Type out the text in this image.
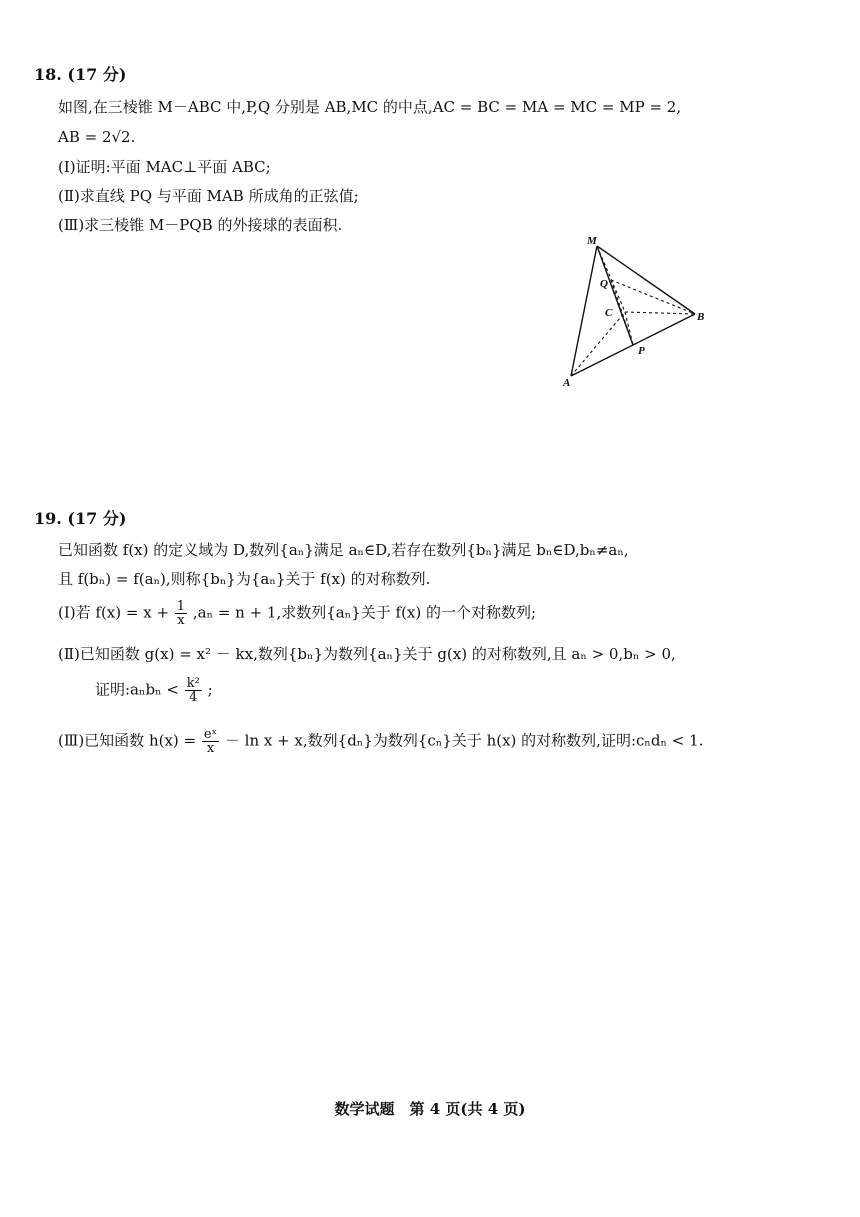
18. (17 分)
如图,在三棱锥 M－ABC 中,P,Q 分别是 AB,MC 的中点,AC = BC = MA = MC = MP = 2,
AB = 2√2.
(Ⅰ)证明:平面 MAC⊥平面 ABC;
(Ⅱ)求直线 PQ 与平面 MAB 所成角的正弦值;
(Ⅲ)求三棱锥 M－PQB 的外接球的表面积.
M
Q
C	B
P
A
19. (17 分)
已知函数 f(x) 的定义域为 D,数列{aₙ}满足 aₙ∈D,若存在数列{bₙ}满足 bₙ∈D,bₙ≠aₙ,
且 f(bₙ) = f(aₙ),则称{bₙ}为{aₙ}关于 f(x) 的对称数列.
(Ⅰ)若 $f(x) = x + \frac{1}{x} ,a_n = n + 1$,求数列{aₙ}关于 f(x) 的一个对称数列;
(Ⅱ)已知函数 g(x) = x² － kx,数列{bₙ}为数列{aₙ}关于 g(x) 的对称数列,且 aₙ > 0,bₙ > 0,
证明:aₙbₙ < $\frac{\text{k²}}{4}$ ;
(Ⅲ)已知函数 $h(x) = \frac{\text{eˣ}}{x} - \ln x + x$,数列{dₙ}为数列{cₙ}关于 h(x) 的对称数列,证明:cₙdₙ < 1.
数学试题　第 4 页(共 4 页)
